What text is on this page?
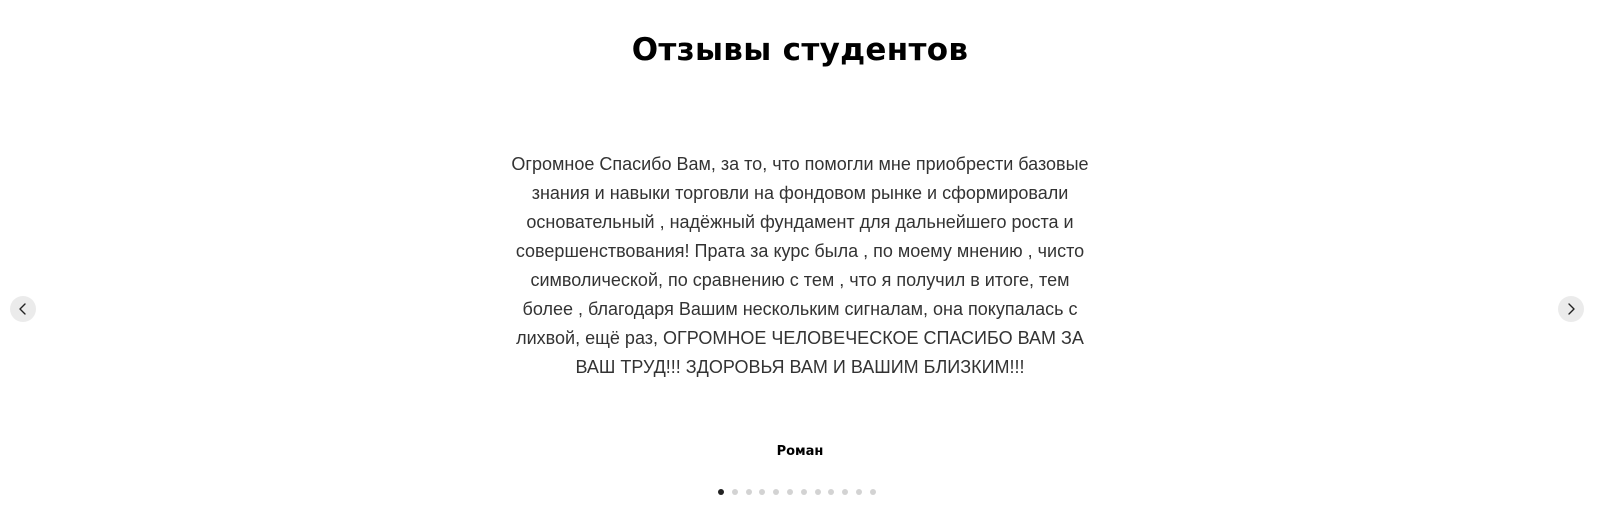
Отзывы студентов

Огромное Спасибо Вам, за то, что помогли мне приобрести базовые знания и навыки торговли на фондовом рынке и сформировали основательный , надёжный фундамент для дальнейшего роста и совершенствования! Прата за курс была , по моему мнению , чисто символической, по сравнению с тем , что я получил в итоге, тем более , благодаря Вашим нескольким сигналам, она покупалась с лихвой, ещё раз, ОГРОМНОЕ ЧЕЛОВЕЧЕСКОЕ СПАСИБО ВАМ ЗА ВАШ ТРУД!!! ЗДОРОВЬЯ ВАМ И ВАШИМ БЛИЗКИМ!!!

Роман
